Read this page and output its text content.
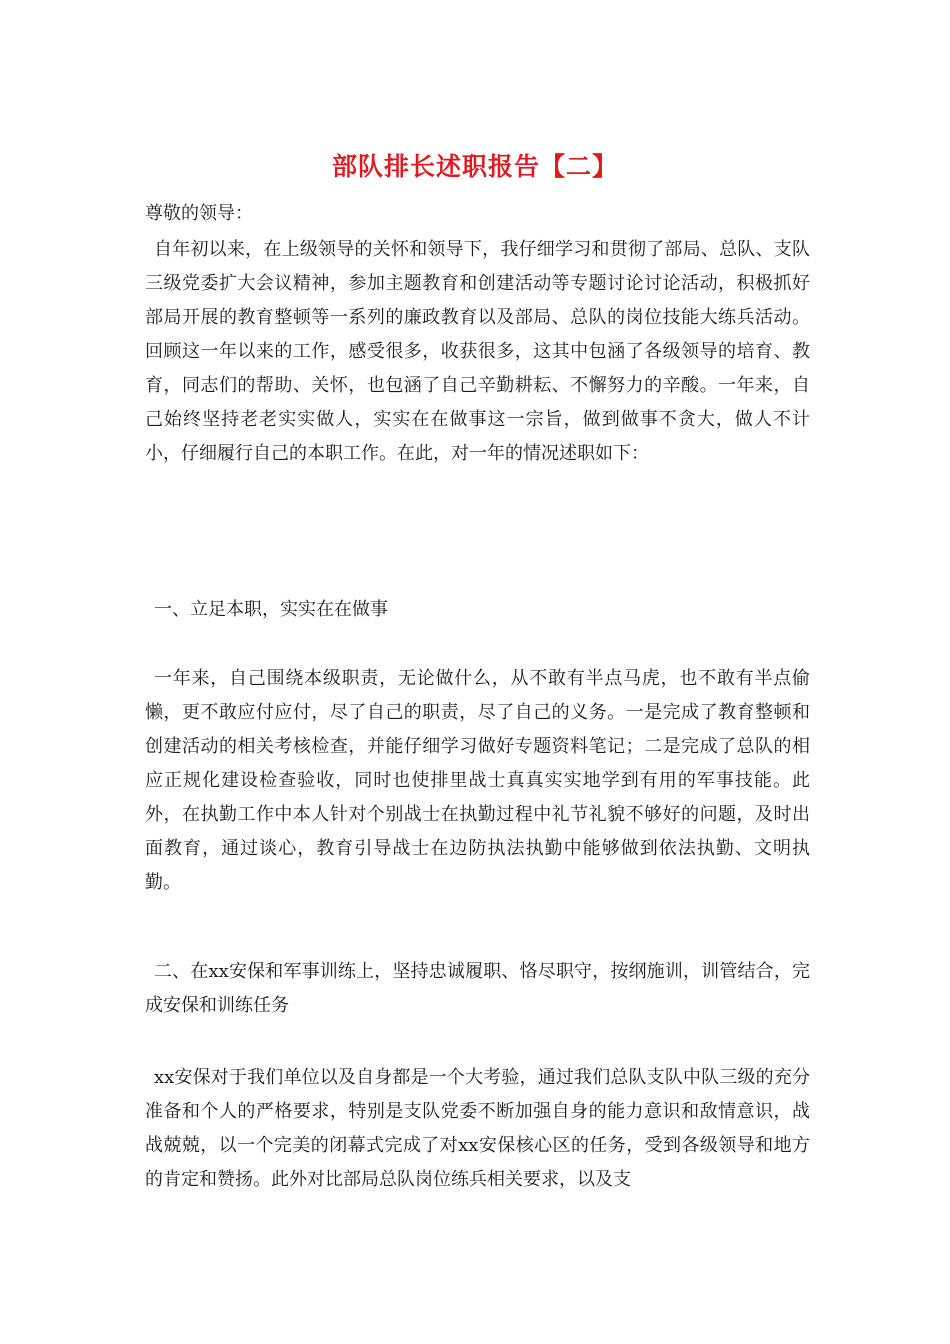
部队排长述职报告【二】
尊敬的领导：
自年初以来，在上级领导的关怀和领导下，我仔细学习和贯彻了部局、总队、支队三级党委扩大会议精神，参加主题教育和创建活动等专题讨论讨论活动，积极抓好部局开展的教育整顿等一系列的廉政教育以及部局、总队的岗位技能大练兵活动。回顾这一年以来的工作，感受很多，收获很多，这其中包涵了各级领导的培育、教育，同志们的帮助、关怀，也包涵了自己辛勤耕耘、不懈努力的辛酸。一年来，自己始终坚持老老实实做人，实实在在做事这一宗旨，做到做事不贪大，做人不计小，仔细履行自己的本职工作。在此，对一年的情况述职如下：
一、立足本职，实实在在做事
一年来，自己围绕本级职责，无论做什么，从不敢有半点马虎，也不敢有半点偷懒，更不敢应付应付，尽了自己的职责，尽了自己的义务。一是完成了教育整顿和创建活动的相关考核检查，并能仔细学习做好专题资料笔记；二是完成了总队的相应正规化建设检查验收，同时也使排里战士真真实实地学到有用的军事技能。此外，在执勤工作中本人针对个别战士在执勤过程中礼节礼貌不够好的问题，及时出面教育，通过谈心，教育引导战士在边防执法执勤中能够做到依法执勤、文明执勤。
二、在xx安保和军事训练上，坚持忠诚履职、恪尽职守，按纲施训，训管结合，完成安保和训练任务
xx安保对于我们单位以及自身都是一个大考验，通过我们总队支队中队三级的充分准备和个人的严格要求，特别是支队党委不断加强自身的能力意识和敌情意识，战战兢兢，以一个完美的闭幕式完成了对xx安保核心区的任务，受到各级领导和地方的肯定和赞扬。此外对比部局总队岗位练兵相关要求，以及支
